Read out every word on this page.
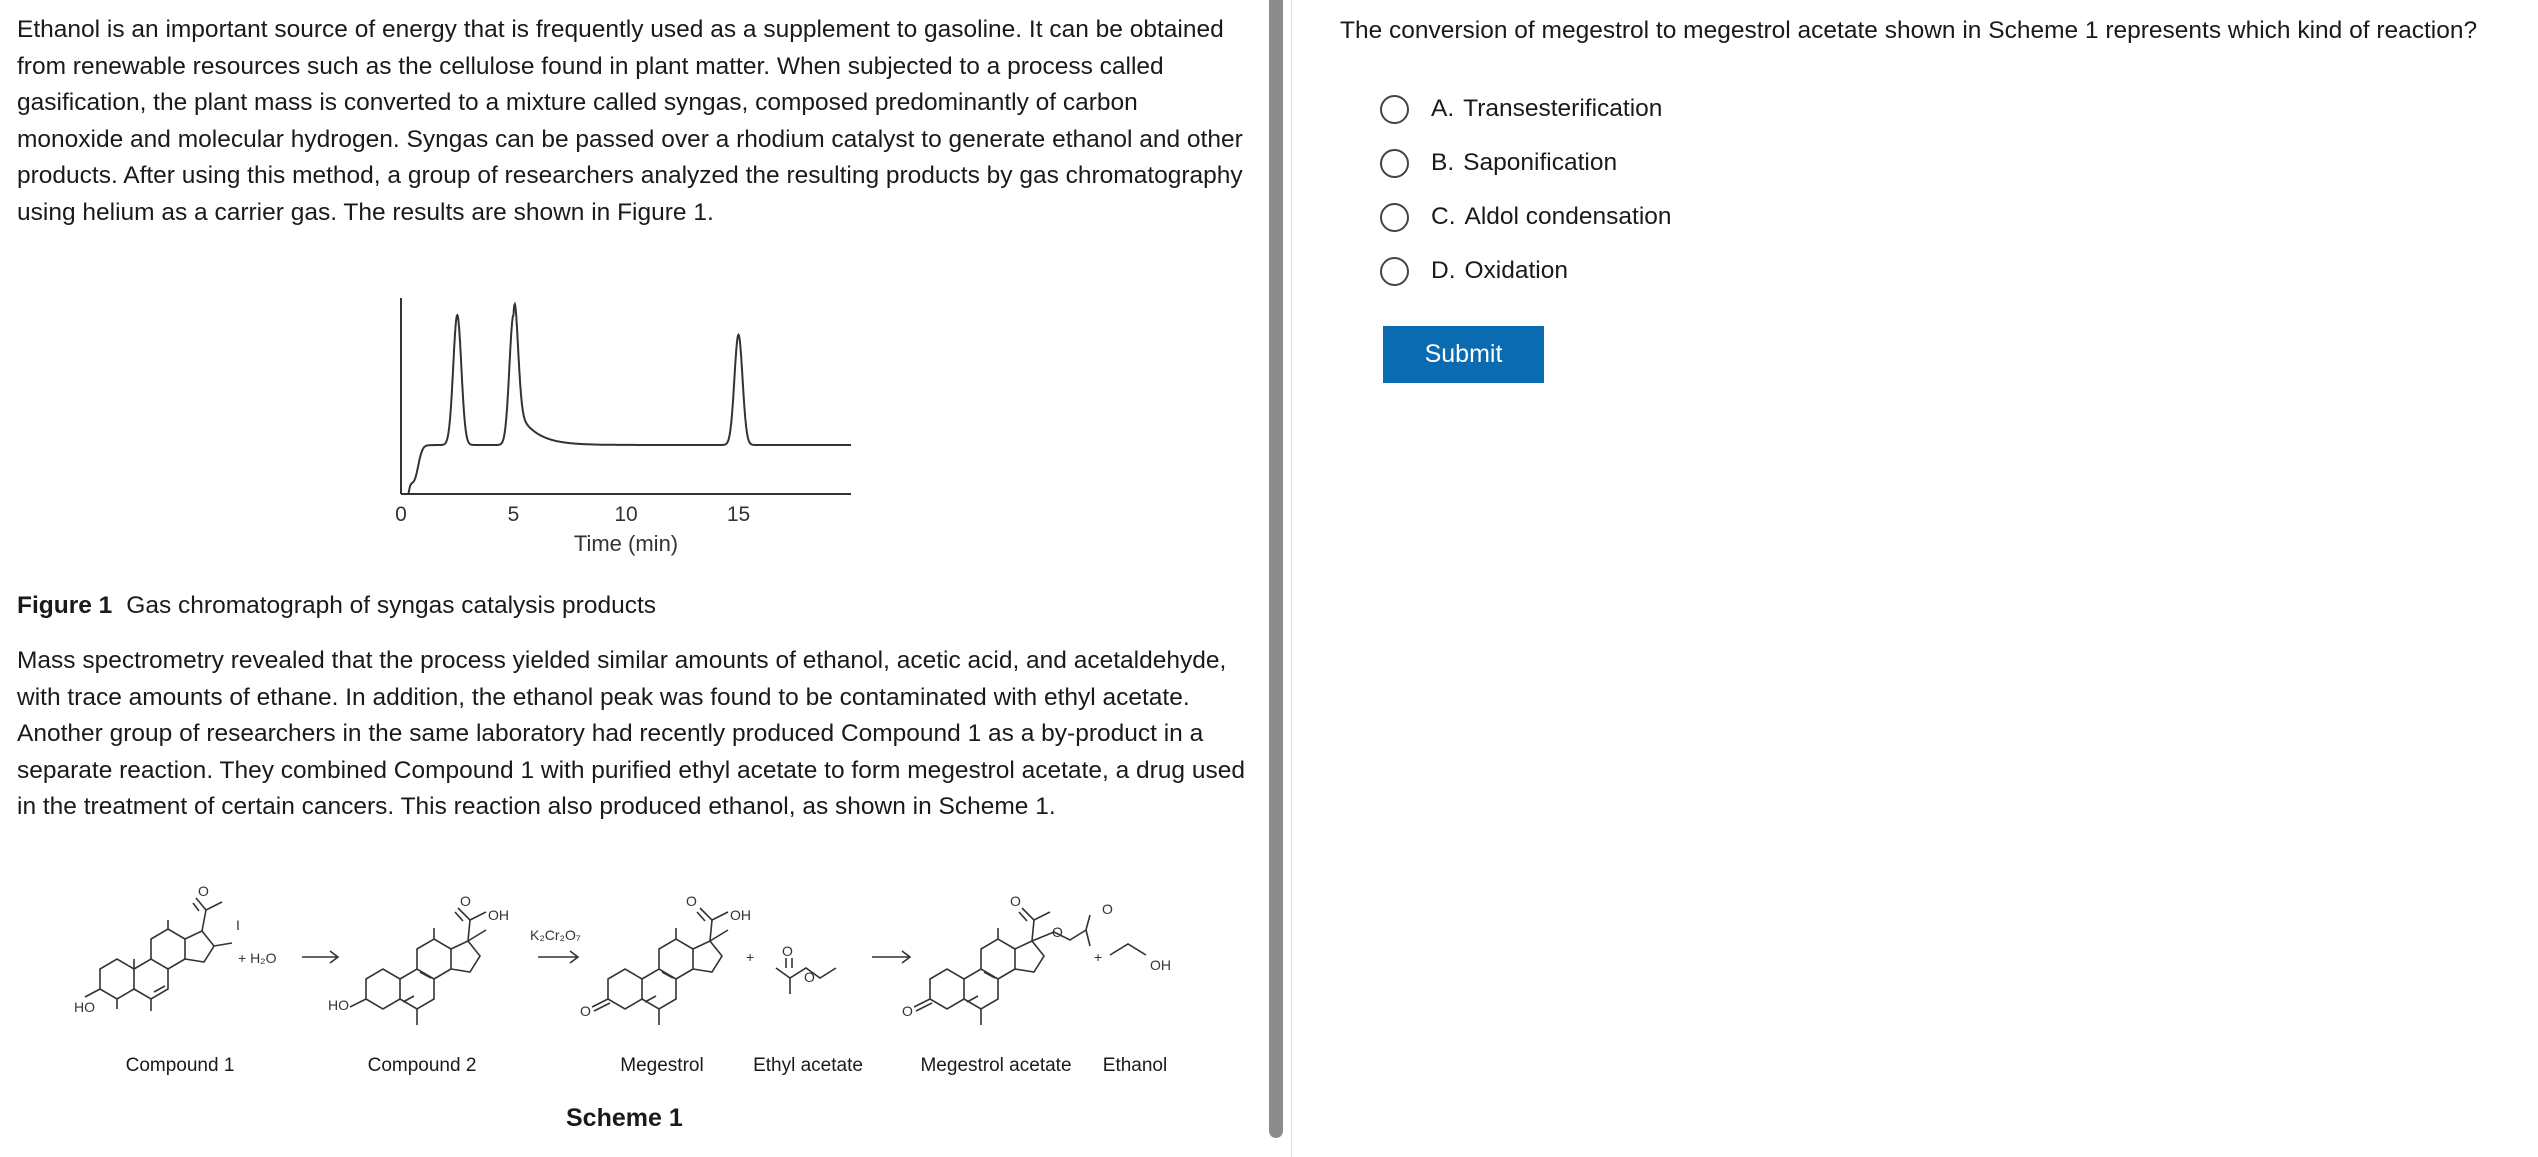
Ethanol is an important source of energy that is frequently used as a supplement to gasoline. It can be obtained from renewable resources such as the cellulose found in plant matter. When subjected to a process called gasification, the plant mass is converted to a mixture called syngas, composed predominantly of carbon monoxide and molecular hydrogen. Syngas can be passed over a rhodium catalyst to generate ethanol and other products. After using this method, a group of researchers analyzed the resulting products by gas chromatography using helium as a carrier gas. The results are shown in Figure 1.

0	5	10	15
Time (min)

Figure 1 Gas chromatograph of syngas catalysis products

Mass spectrometry revealed that the process yielded similar amounts of ethanol, acetic acid, and acetaldehyde, with trace amounts of ethane. In addition, the ethanol peak was found to be contaminated with ethyl acetate. Another group of researchers in the same laboratory had recently produced Compound 1 as a by-product in a separate reaction. They combined Compound 1 with purified ethyl acetate to form megestrol acetate, a drug used in the treatment of certain cancers. This reaction also produced ethanol, as shown in Scheme 1.

O
I
HO
O
OH
HO
O
OH
O
O
O
O
O
O
O
OH
+ H₂O
K₂Cr₂O₇
+	+
Compound 1	Compound 2	Megestrol	Ethyl acetate	Megestrol acetate Ethanol

Scheme 1

The conversion of megestrol to megestrol acetate shown in Scheme 1 represents which kind of reaction?

A. Transesterification
B. Saponification
C. Aldol condensation
D. Oxidation
Submit
